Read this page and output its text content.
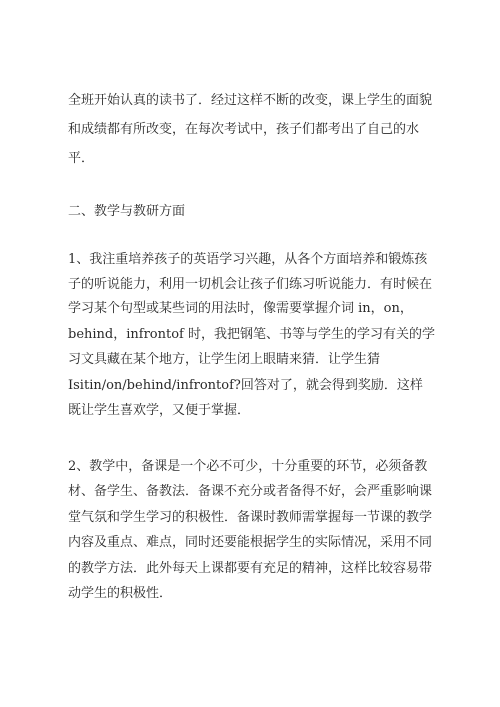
全班开始认真的读书了．经过这样不断的改变，课上学生的面貌
和成绩都有所改变，在每次考试中，孩子们都考出了自己的水
平．
二、教学与教研方面
1、我注重培养孩子的英语学习兴趣，从各个方面培养和锻炼孩
子的听说能力，利用一切机会让孩子们练习听说能力．有时候在
学习某个句型或某些词的用法时，像需要掌握介词 in，on，
behind，infrontof 时，我把钢笔、书等与学生的学习有关的学
习文具藏在某个地方，让学生闭上眼睛来猜．让学生猜
Isitin/on/behind/infrontof?回答对了，就会得到奖励．这样
既让学生喜欢学，又便于掌握．
2、教学中，备课是一个必不可少，十分重要的环节，必须备教
材、备学生、备教法．备课不充分或者备得不好，会严重影响课
堂气氛和学生学习的积极性．备课时教师需掌握每一节课的教学
内容及重点、难点，同时还要能根据学生的实际情况，采用不同
的教学方法．此外每天上课都要有充足的精神，这样比较容易带
动学生的积极性．
